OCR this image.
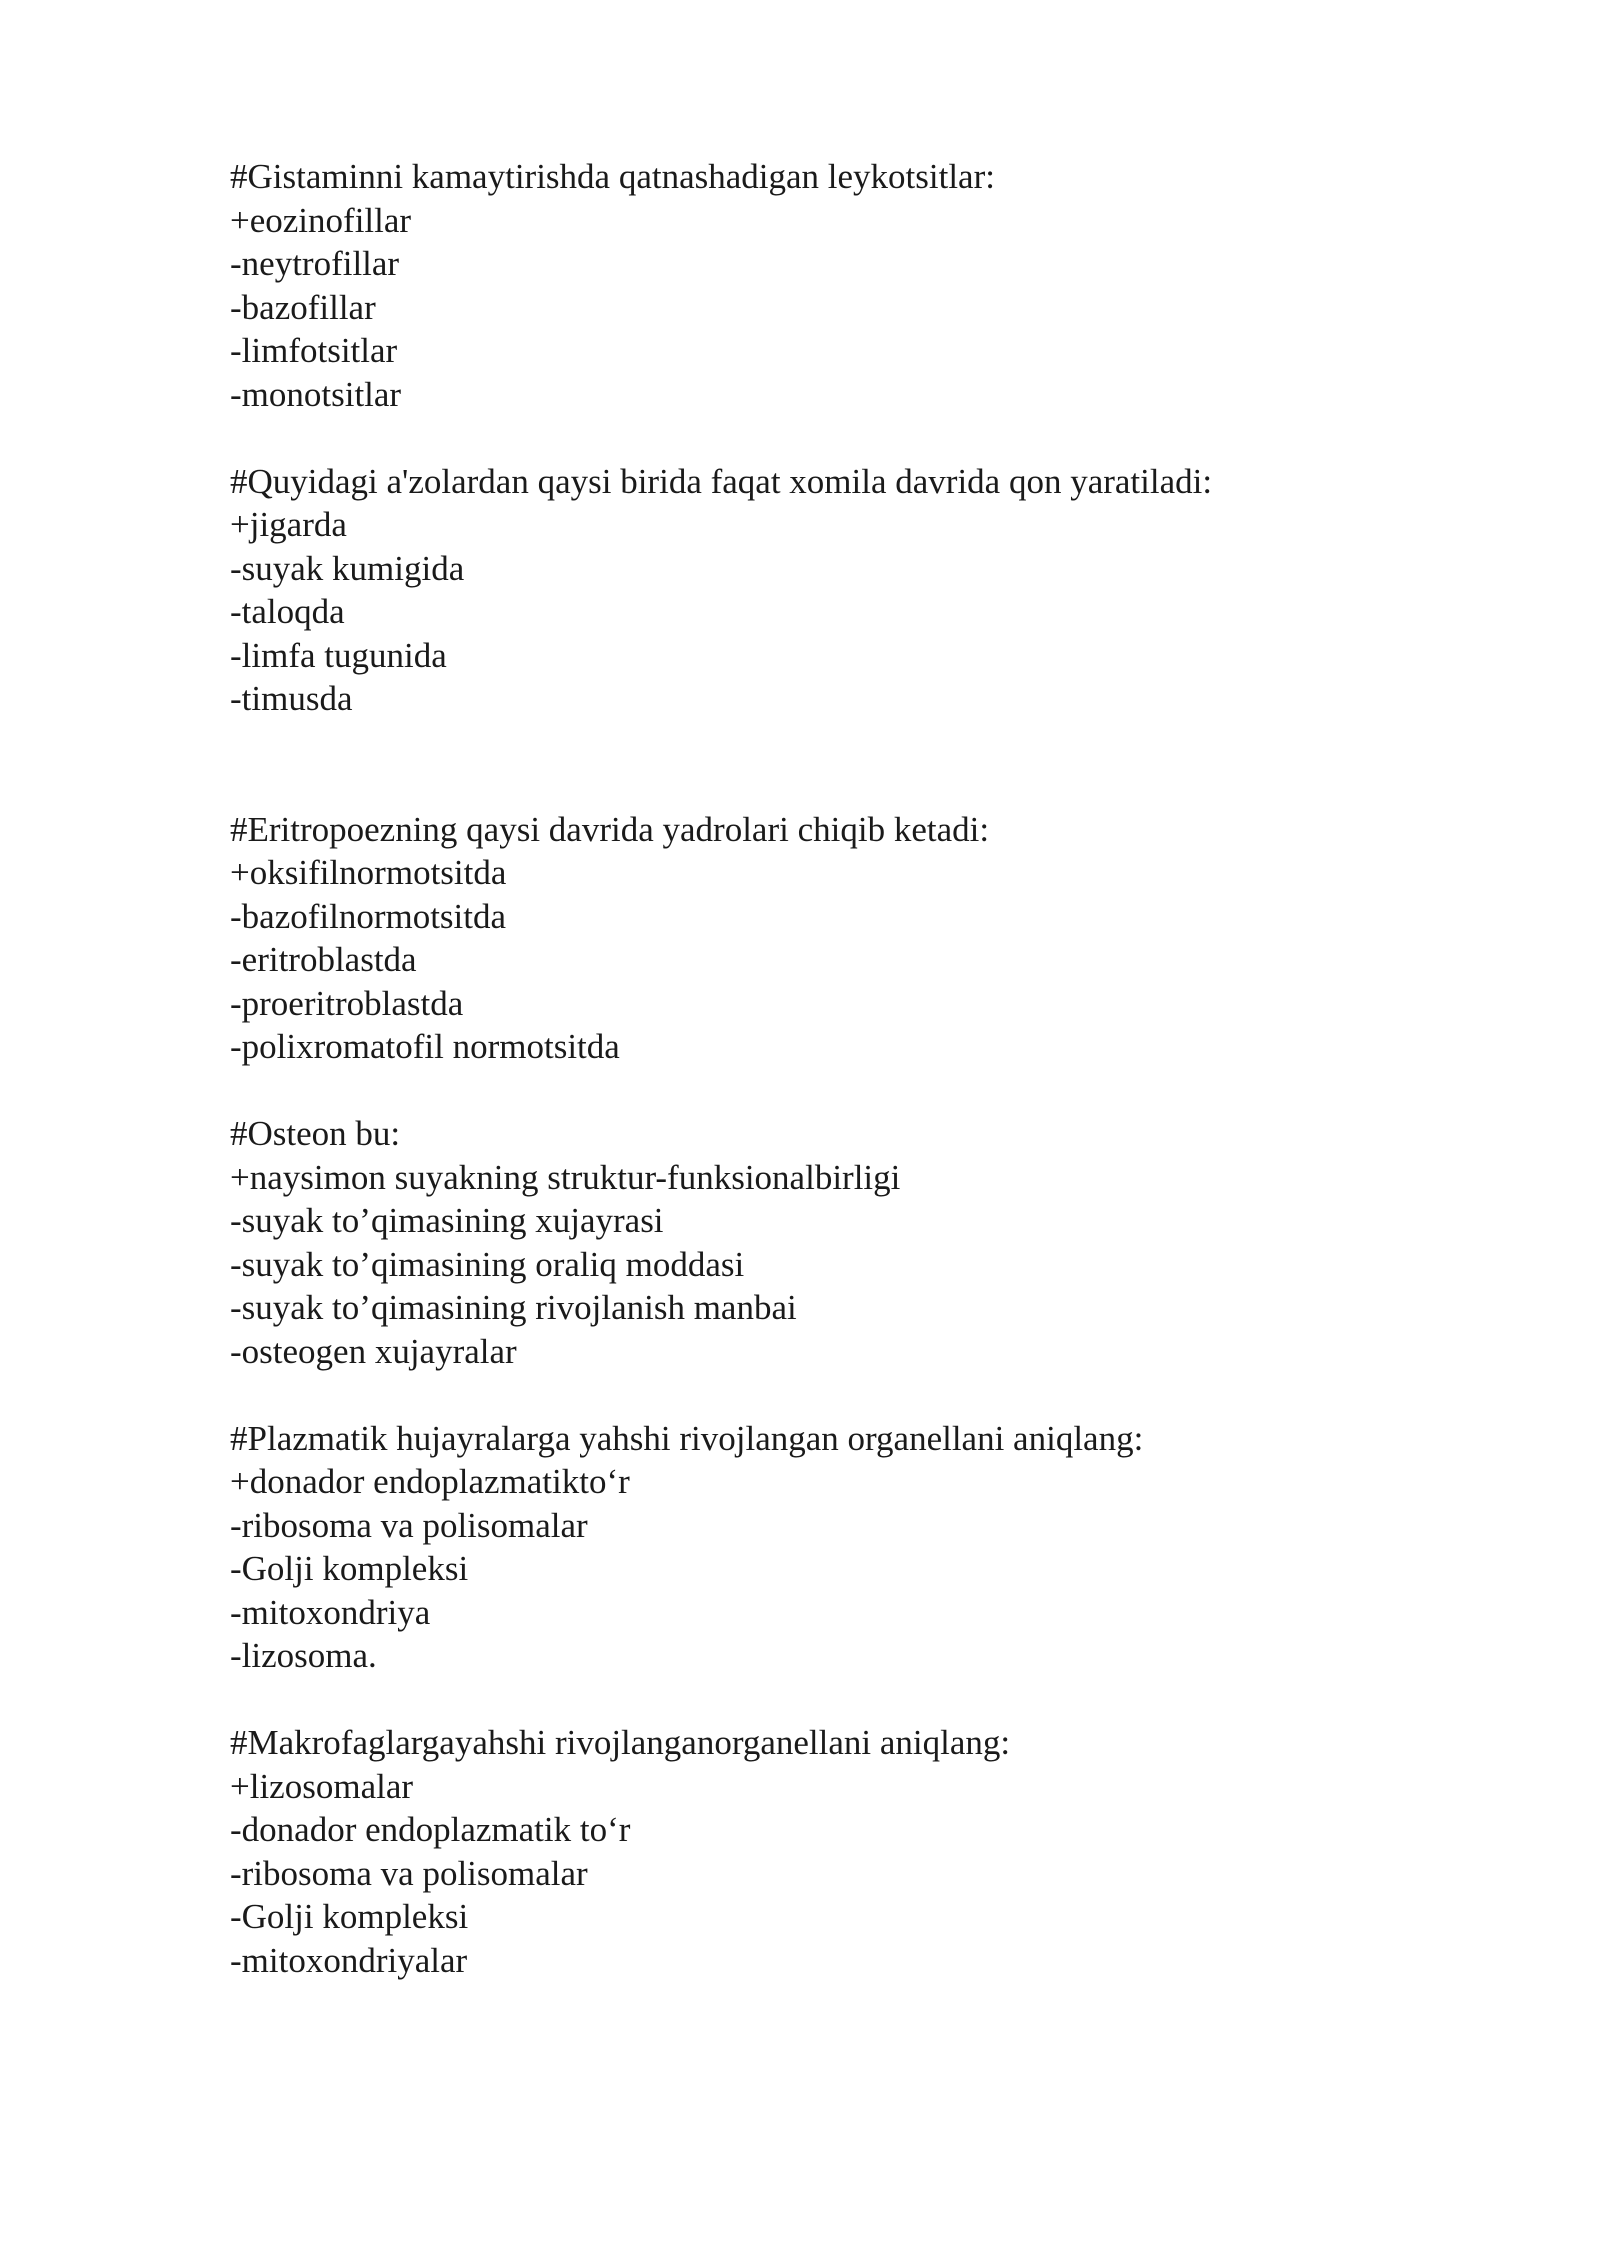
#Gistaminni kamaytirishda qatnashadigan leykotsitlar:
+eozinofillar
-neytrofillar
-bazofillar
-limfotsitlar
-monotsitlar
#Quyidagi a'zolardan qaysi birida faqat xomila davrida qon yaratiladi:
+jigarda
-suyak kumigida
-taloqda
-limfa tugunida
-timusda
#Eritropoezning qaysi davrida yadrolari chiqib ketadi:
+oksifilnormotsitda
-bazofilnormotsitda
-eritroblastda
-proeritroblastda
-polixromatofil normotsitda
#Osteon bu:
+naysimon suyakning struktur-funksionalbirligi
-suyak to’qimasining xujayrasi
-suyak to’qimasining oraliq moddasi
-suyak to’qimasining rivojlanish manbai
-osteogen xujayralar
#Plazmatik hujayralarga yahshi rivojlangan organellani aniqlang:
+donador endoplazmatikto‘r
-ribosoma va polisomalar
-Golji kompleksi
-mitoxondriya
-lizosoma.
#Makrofaglargayahshi rivojlanganorganellani aniqlang:
+lizosomalar
-donador endoplazmatik to‘r
-ribosoma va polisomalar
-Golji kompleksi
-mitoxondriyalar
